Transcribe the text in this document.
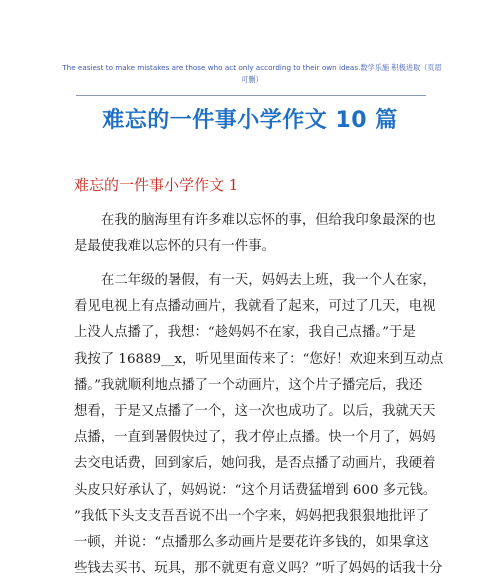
The easiest to make mistakes are those who act only according to their own ideas.数学乐施 积极进取（页眉
可删）
难忘的一件事小学作文 10 篇
难忘的一件事小学作文 1
在我的脑海里有许多难以忘怀的事，但给我印象最深的也
是最使我难以忘怀的只有一件事。
在二年级的暑假，有一天，妈妈去上班，我一个人在家，
看见电视上有点播动画片，我就看了起来，可过了几天，电视
上没人点播了，我想：“趁妈妈不在家，我自己点播。”于是
我按了 16889__x，听见里面传来了：“您好！欢迎来到互动点
播。”我就顺利地点播了一个动画片，这个片子播完后，我还
想看，于是又点播了一个，这一次也成功了。以后，我就天天
点播，一直到暑假快过了，我才停止点播。快一个月了，妈妈
去交电话费，回到家后，她问我，是否点播了动画片，我硬着
头皮只好承认了，妈妈说：“这个月话费猛增到 600 多元钱。
”我低下头支支吾吾说不出一个字来，妈妈把我狠狠地批评了
一顿，并说：“点播那么多动画片是要花许多钱的，如果拿这
些钱去买书、玩具，那不就更有意义吗？”听了妈妈的话我十分
